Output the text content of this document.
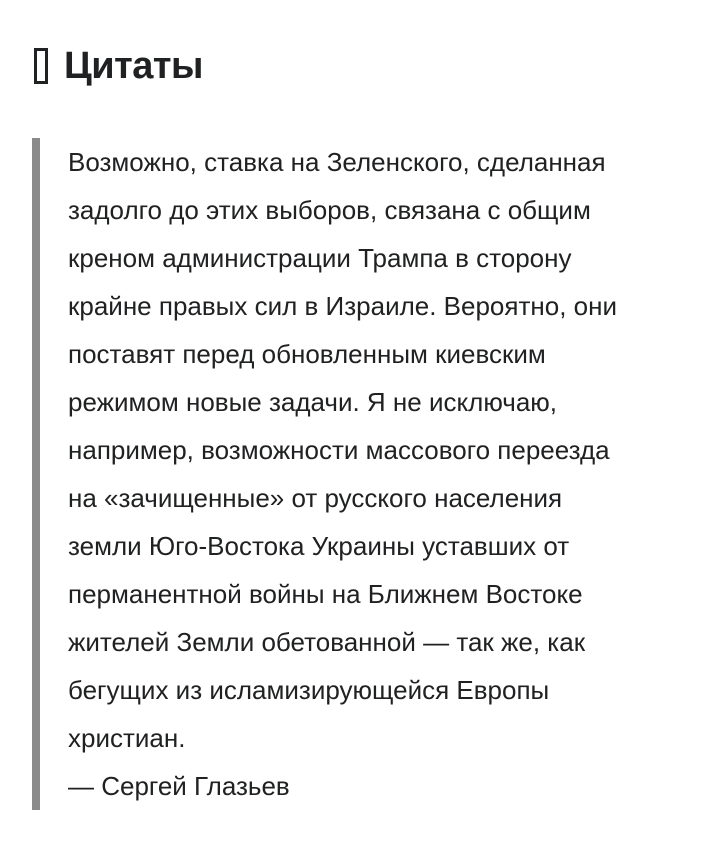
Цитаты
Возможно, ставка на Зеленского, сделанная
задолго до этих выборов, связана с общим
креном администрации Трампа в сторону
крайне правых сил в Израиле. Вероятно, они
поставят перед обновленным киевским
режимом новые задачи. Я не исключаю,
например, возможности массового переезда
на «зачищенные» от русского населения
земли Юго-Востока Украины уставших от
перманентной войны на Ближнем Востоке
жителей Земли обетованной — так же, как
бегущих из исламизирующейся Европы
христиан.
— Сергей Глазьев
